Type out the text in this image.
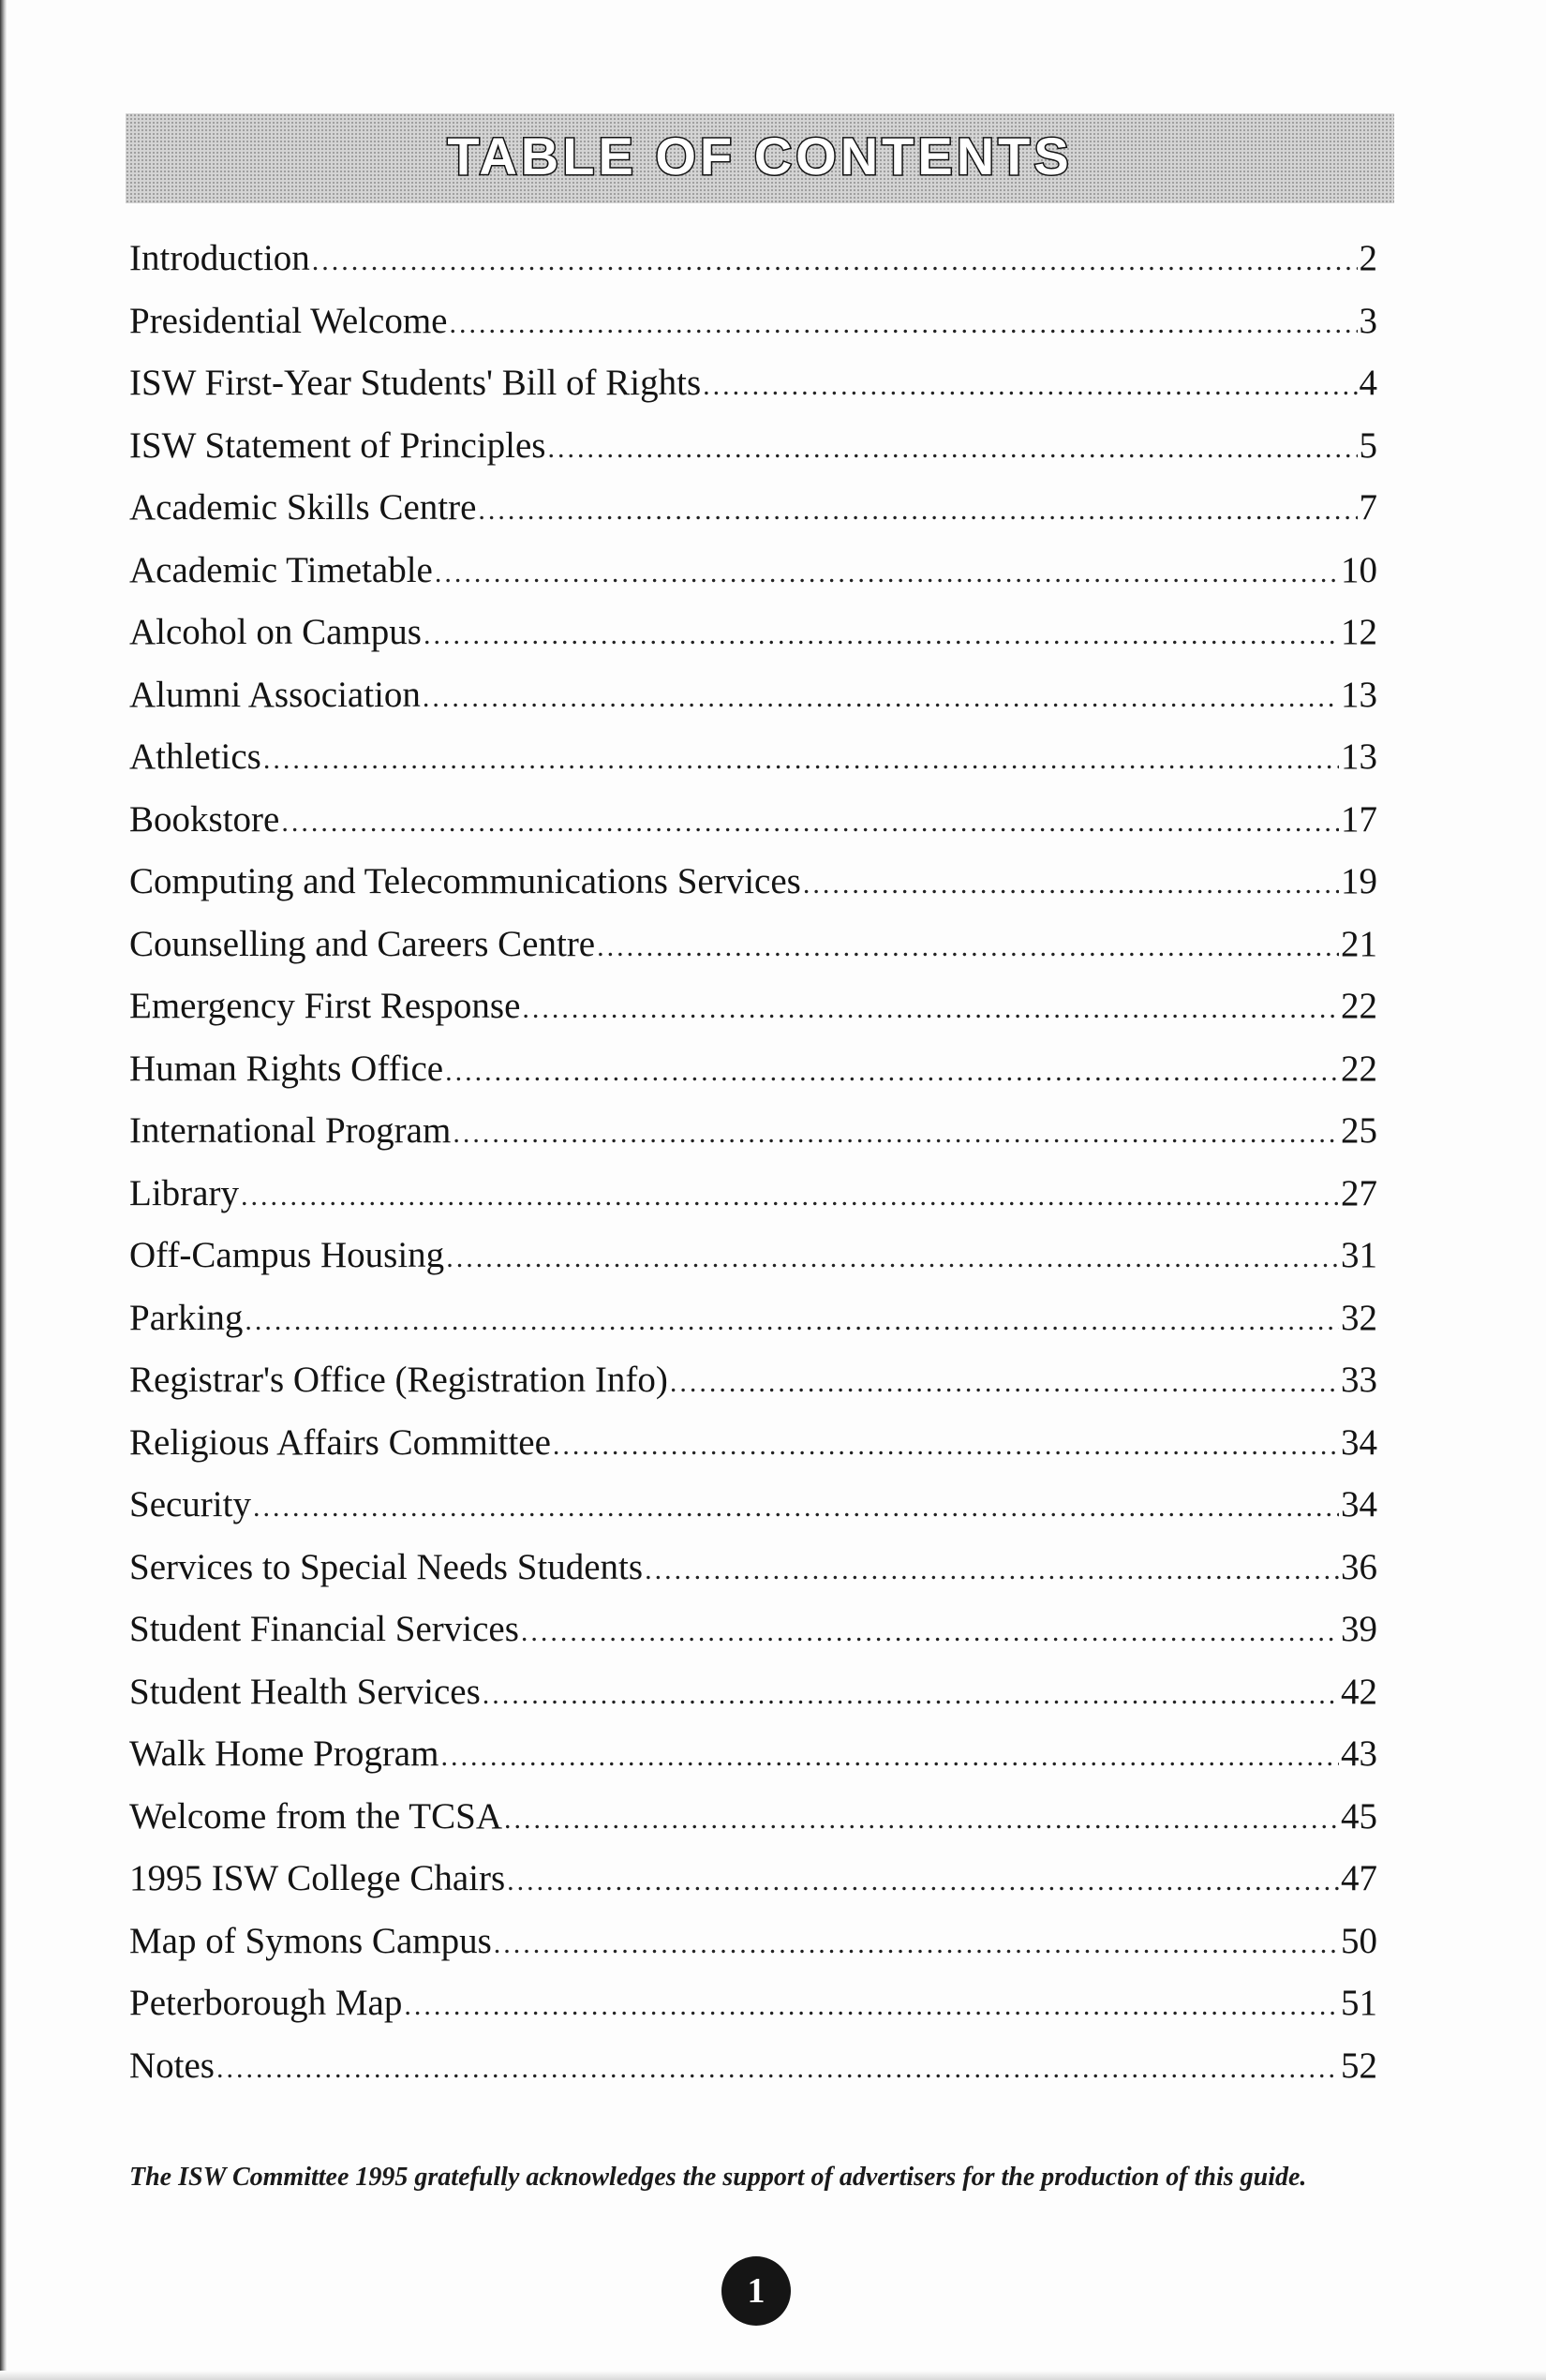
TABLE OF CONTENTS
Introduction .....	2
Presidential Welcome .....	3
ISW First-Year Students' Bill of Rights .....	4
ISW Statement of Principles .....	5
Academic Skills Centre .....	7
Academic Timetable .....	10
Alcohol on Campus .....	12
Alumni Association .....	13
Athletics .....	13
Bookstore .....	17
Computing and Telecommunications Services .....	19
Counselling and Careers Centre .....	21
Emergency First Response .....	22
Human Rights Office .....	22
International Program .....	25
Library .....	27
Off-Campus Housing .....	31
Parking .....	32
Registrar's Office (Registration Info) .....	33
Religious Affairs Committee .....	34
Security .....	34
Services to Special Needs Students .....	36
Student Financial Services .....	39
Student Health Services .....	42
Walk Home Program .....	43
Welcome from the TCSA .....	45
1995 ISW College Chairs .....	47
Map of Symons Campus .....	50
Peterborough Map .....	51
Notes .....	52

The ISW Committee 1995 gratefully acknowledges the support of advertisers for the production of this guide.

1
